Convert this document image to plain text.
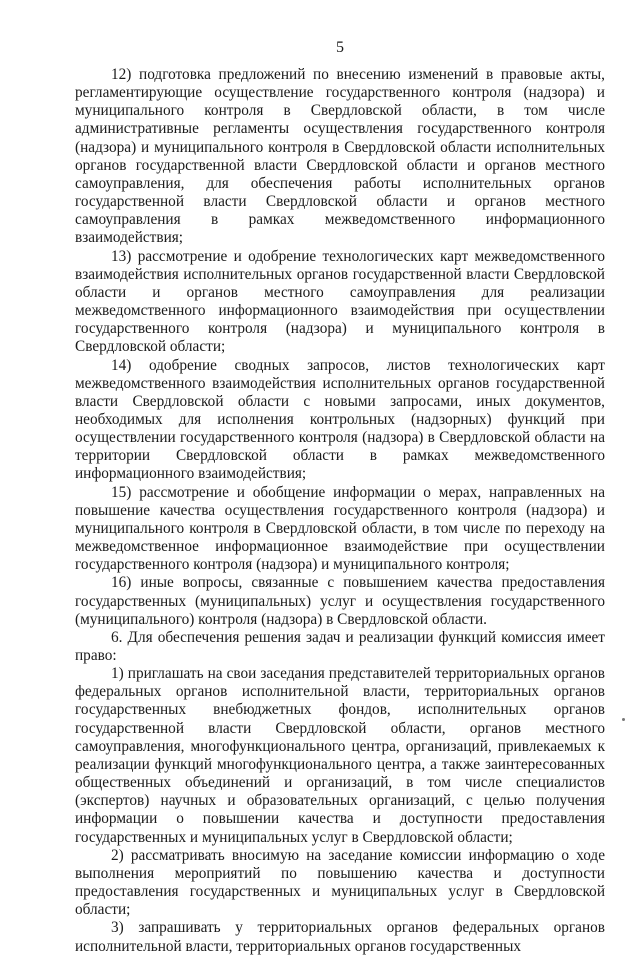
5

12) подготовка предложений по внесению изменений в правовые акты, регламентирующие осуществление государственного контроля (надзора) и муниципального контроля в Свердловской области, в том числе административные регламенты осуществления государственного контроля (надзора) и муниципального контроля в Свердловской области исполнительных органов государственной власти Свердловской области и органов местного самоуправления, для обеспечения работы исполнительных органов государственной власти Свердловской области и органов местного самоуправления в рамках межведомственного информационного взаимодействия;

13) рассмотрение и одобрение технологических карт межведомственного взаимодействия исполнительных органов государственной власти Свердловской области и органов местного самоуправления для реализации межведомственного информационного взаимодействия при осуществлении государственного контроля (надзора) и муниципального контроля в Свердловской области;

14) одобрение сводных запросов, листов технологических карт межведомственного взаимодействия исполнительных органов государственной власти Свердловской области с новыми запросами, иных документов, необходимых для исполнения контрольных (надзорных) функций при осуществлении государственного контроля (надзора) в Свердловской области на территории Свердловской области в рамках межведомственного информационного взаимодействия;

15) рассмотрение и обобщение информации о мерах, направленных на повышение качества осуществления государственного контроля (надзора) и муниципального контроля в Свердловской области, в том числе по переходу на межведомственное информационное взаимодействие при осуществлении государственного контроля (надзора) и муниципального контроля;

16) иные вопросы, связанные с повышением качества предоставления государственных (муниципальных) услуг и осуществления государственного (муниципального) контроля (надзора) в Свердловской области.

6. Для обеспечения решения задач и реализации функций комиссия имеет право:

1) приглашать на свои заседания представителей территориальных органов федеральных органов исполнительной власти, территориальных органов государственных внебюджетных фондов, исполнительных органов государственной власти Свердловской области, органов местного самоуправления, многофункционального центра, организаций, привлекаемых к реализации функций многофункционального центра, а также заинтересованных общественных объединений и организаций, в том числе специалистов (экспертов) научных и образовательных организаций, с целью получения информации о повышении качества и доступности предоставления государственных и муниципальных услуг в Свердловской области;

2) рассматривать вносимую на заседание комиссии информацию о ходе выполнения мероприятий по повышению качества и доступности предоставления государственных и муниципальных услуг в Свердловской области;

3) запрашивать у территориальных органов федеральных органов исполнительной власти, территориальных органов государственных
